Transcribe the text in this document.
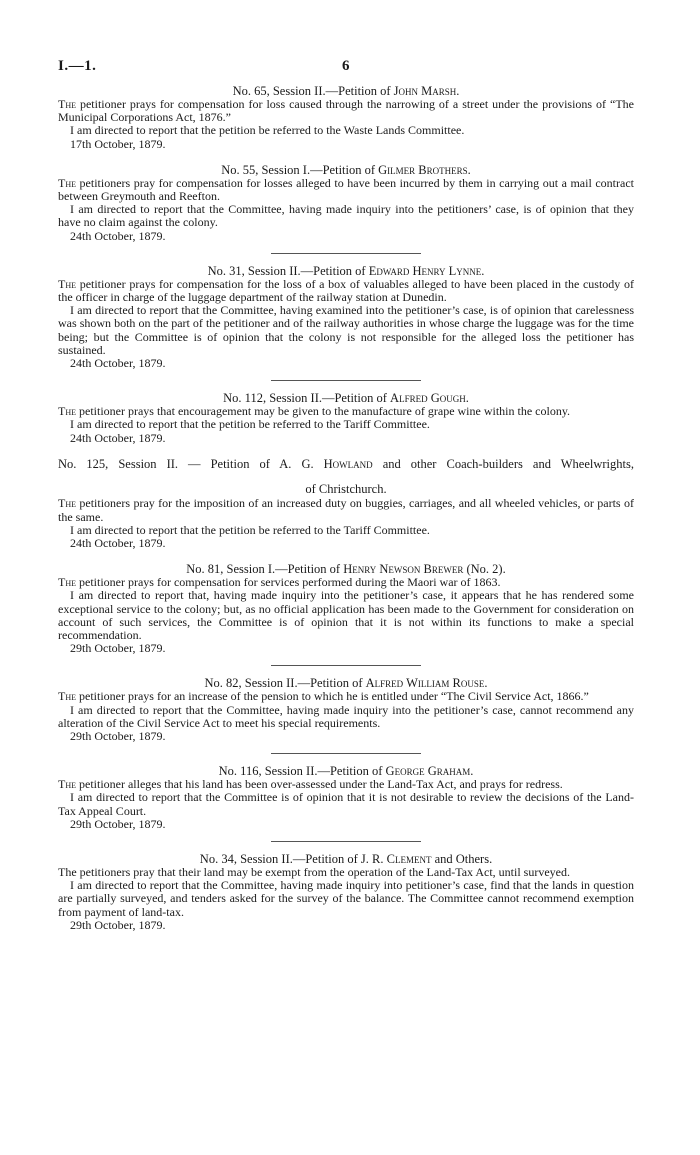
I.—1.	6

No. 65, Session II.—Petition of John Marsh.

The petitioner prays for compensation for loss caused through the narrowing of a street under the provisions of “The Municipal Corporations Act, 1876.”

I am directed to report that the petition be referred to the Waste Lands Committee.

17th October, 1879.

No. 55, Session I.—Petition of Gilmer Brothers.

The petitioners pray for compensation for losses alleged to have been incurred by them in carrying out a mail contract between Greymouth and Reefton.

I am directed to report that the Committee, having made inquiry into the petitioners’ case, is of opinion that they have no claim against the colony.

24th October, 1879.

No. 31, Session II.—Petition of Edward Henry Lynne.

The petitioner prays for compensation for the loss of a box of valuables alleged to have been placed in the custody of the officer in charge of the luggage department of the railway station at Dunedin.

I am directed to report that the Committee, having examined into the petitioner’s case, is of opinion that carelessness was shown both on the part of the petitioner and of the railway authorities in whose charge the luggage was for the time being; but the Committee is of opinion that the colony is not responsible for the alleged loss the petitioner has sustained.

24th October, 1879.

No. 112, Session II.—Petition of Alfred Gough.

The petitioner prays that encouragement may be given to the manufacture of grape wine within the colony.

I am directed to report that the petition be referred to the Tariff Committee.

24th October, 1879.

No. 125, Session II. — Petition of A. G. Howland and other Coach-builders and Wheelwrights,

of Christchurch.

The petitioners pray for the imposition of an increased duty on buggies, carriages, and all wheeled vehicles, or parts of the same.

I am directed to report that the petition be referred to the Tariff Committee.

24th October, 1879.

No. 81, Session I.—Petition of Henry Newson Brewer (No. 2).

The petitioner prays for compensation for services performed during the Maori war of 1863.

I am directed to report that, having made inquiry into the petitioner’s case, it appears that he has rendered some exceptional service to the colony; but, as no official application has been made to the Government for consideration on account of such services, the Committee is of opinion that it is not within its functions to make a special recommendation.

29th October, 1879.

No. 82, Session II.—Petition of Alfred William Rouse.

The petitioner prays for an increase of the pension to which he is entitled under “The Civil Service Act, 1866.”

I am directed to report that the Committee, having made inquiry into the petitioner’s case, cannot recommend any alteration of the Civil Service Act to meet his special requirements.

29th October, 1879.

No. 116, Session II.—Petition of George Graham.

The petitioner alleges that his land has been over-assessed under the Land-Tax Act, and prays for redress.

I am directed to report that the Committee is of opinion that it is not desirable to review the decisions of the Land-Tax Appeal Court.

29th October, 1879.

No. 34, Session II.—Petition of J. R. Clement and Others.

The petitioners pray that their land may be exempt from the operation of the Land-Tax Act, until surveyed.

I am directed to report that the Committee, having made inquiry into petitioner’s case, find that the lands in question are partially surveyed, and tenders asked for the survey of the balance. The Committee cannot recommend exemption from payment of land-tax.

29th October, 1879.
